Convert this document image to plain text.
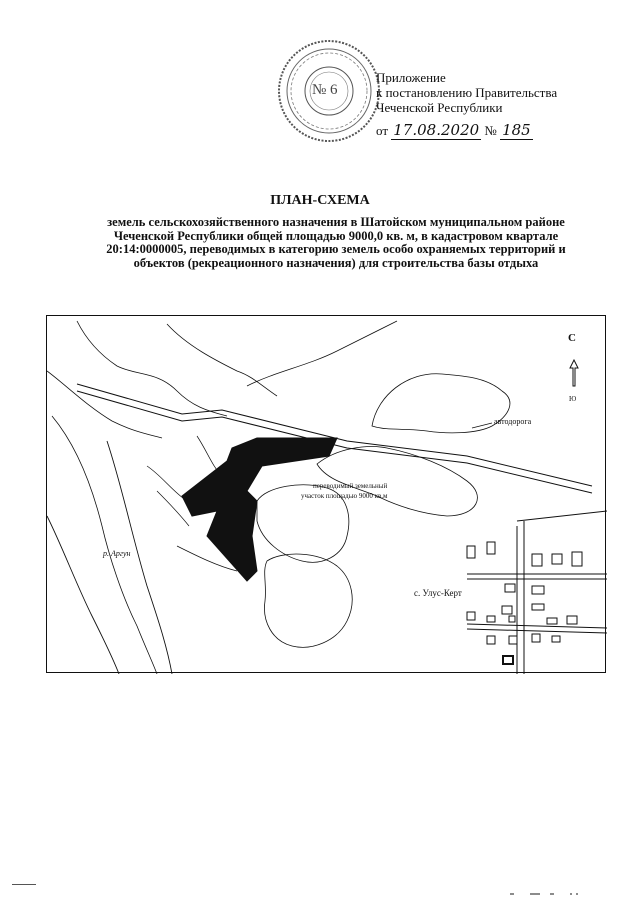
№ 6
Приложение
к постановлению Правительства
Чеченской Республики
от 17.08.2020 № 185
ПЛАН-СХЕМА
земель сельскохозяйственного назначения в Шатойском муниципальном районе Чеченской Республики общей площадью 9000,0 кв. м, в кадастровом квартале 20:14:0000005, переводимых в категорию земель особо охраняемых территорий и объектов (рекреационного назначения) для строительства базы отдыха
С
Ю
автодорога
переводимый земельный
участок площадью 9000 кв.м
р. Аргун
с. Улус-Керт
